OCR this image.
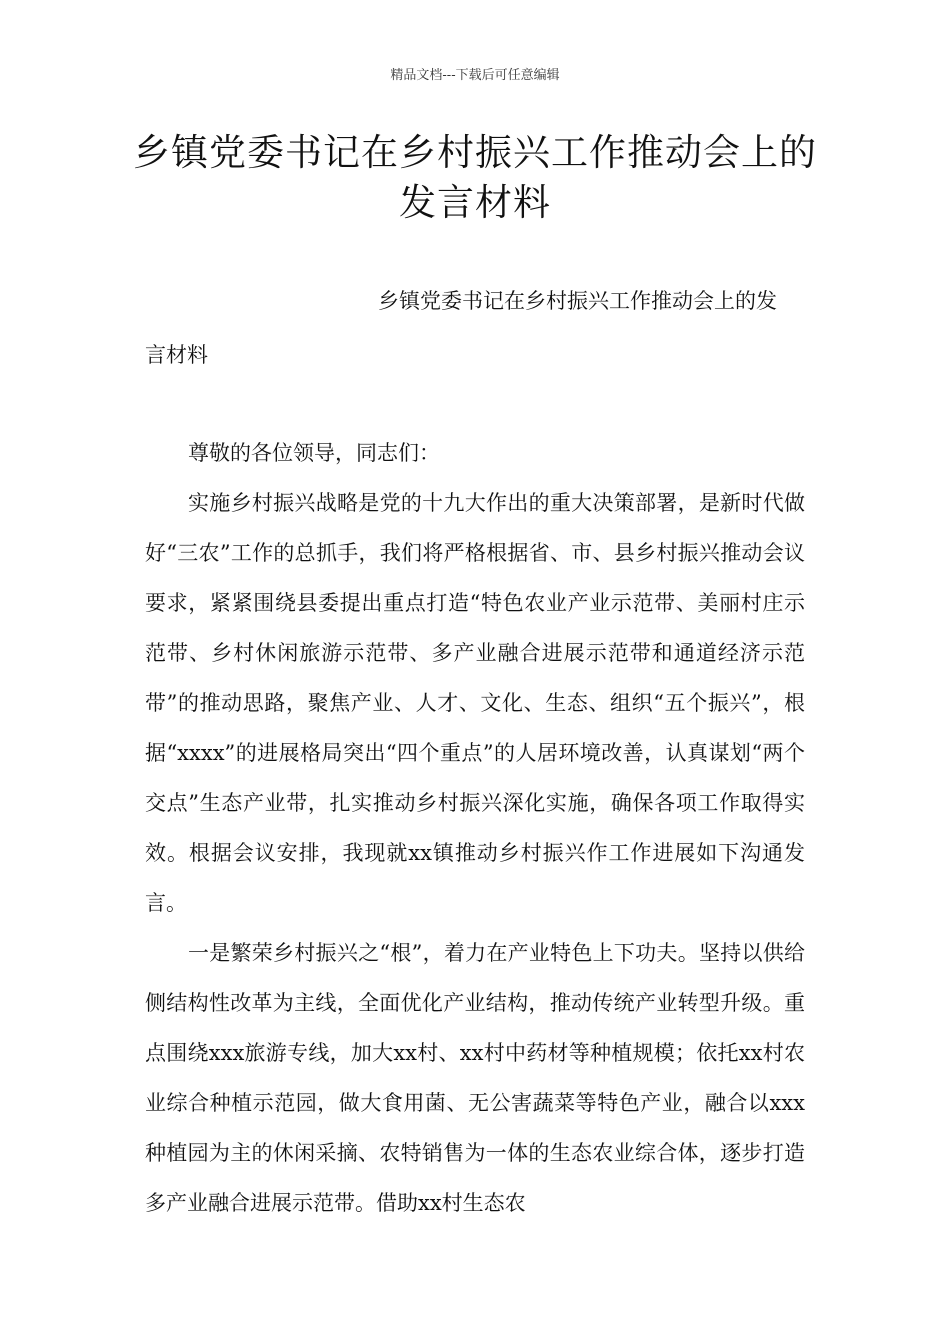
精品文档---下载后可任意编辑
乡镇党委书记在乡村振兴工作推动会上的发言材料
乡镇党委书记在乡村振兴工作推动会上的发
言材料

尊敬的各位领导，同志们：

实施乡村振兴战略是党的十九大作出的重大决策部署，是新时代做好“三农”工作的总抓手，我们将严格根据省、市、县乡村振兴推动会议要求，紧紧围绕县委提出重点打造“特色农业产业示范带、美丽村庄示范带、乡村休闲旅游示范带、多产业融合进展示范带和通道经济示范带”的推动思路，聚焦产业、人才、文化、生态、组织“五个振兴”，根据“xxxx”的进展格局突出“四个重点”的人居环境改善，认真谋划“两个交点”生态产业带，扎实推动乡村振兴深化实施，确保各项工作取得实效。根据会议安排，我现就xx镇推动乡村振兴作工作进展如下沟通发言。

一是繁荣乡村振兴之“根”，着力在产业特色上下功夫。坚持以供给侧结构性改革为主线，全面优化产业结构，推动传统产业转型升级。重点围绕xxx旅游专线，加大xx村、xx村中药材等种植规模；依托xx村农业综合种植示范园，做大食用菌、无公害蔬菜等特色产业，融合以xxx种植园为主的休闲采摘、农特销售为一体的生态农业综合体，逐步打造多产业融合进展示范带。借助xx村生态农
